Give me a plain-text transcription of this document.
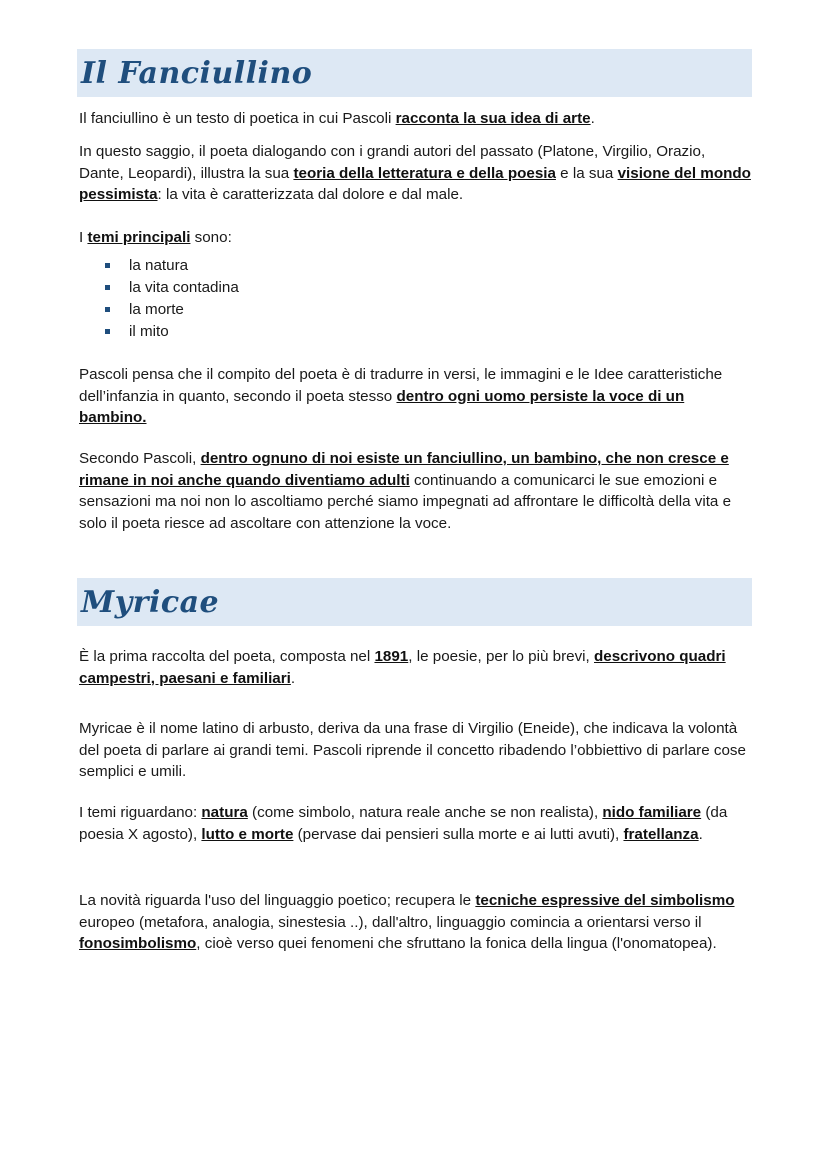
Il Fanciullino

Il fanciullino è un testo di poetica in cui Pascoli racconta la sua idea di arte.

In questo saggio, il poeta dialogando con i grandi autori del passato (Platone, Virgilio, Orazio, Dante, Leopardi), illustra la sua teoria della letteratura e della poesia e la sua visione del mondo pessimista: la vita è caratterizzata dal dolore e dal male.

I temi principali sono:

la natura
la vita contadina
la morte
il mito

Pascoli pensa che il compito del poeta è di tradurre in versi, le immagini e le Idee caratteristiche dell’infanzia in quanto, secondo il poeta stesso dentro ogni uomo persiste la voce di un bambino.

Secondo Pascoli, dentro ognuno di noi esiste un fanciullino, un bambino, che non cresce e rimane in noi anche quando diventiamo adulti continuando a comunicarci le sue emozioni e sensazioni ma noi non lo ascoltiamo perché siamo impegnati ad affrontare le difficoltà della vita e solo il poeta riesce ad ascoltare con attenzione la voce.

Myricae

È la prima raccolta del poeta, composta nel 1891, le poesie, per lo più brevi, descrivono quadri campestri, paesani e familiari.

Myricae è il nome latino di arbusto, deriva da una frase di Virgilio (Eneide), che indicava la volontà del poeta di parlare ai grandi temi. Pascoli riprende il concetto ribadendo l’obbiettivo di parlare cose semplici e umili.

I temi riguardano: natura (come simbolo, natura reale anche se non realista), nido familiare (da poesia X agosto), lutto e morte (pervase dai pensieri sulla morte e ai lutti avuti), fratellanza.

La novità riguarda l'uso del linguaggio poetico; recupera le tecniche espressive del simbolismo europeo (metafora, analogia, sinestesia ..), dall'altro, linguaggio comincia a orientarsi verso il fonosimbolismo, cioè verso quei fenomeni che sfruttano la fonica della lingua (l'onomatopea).
